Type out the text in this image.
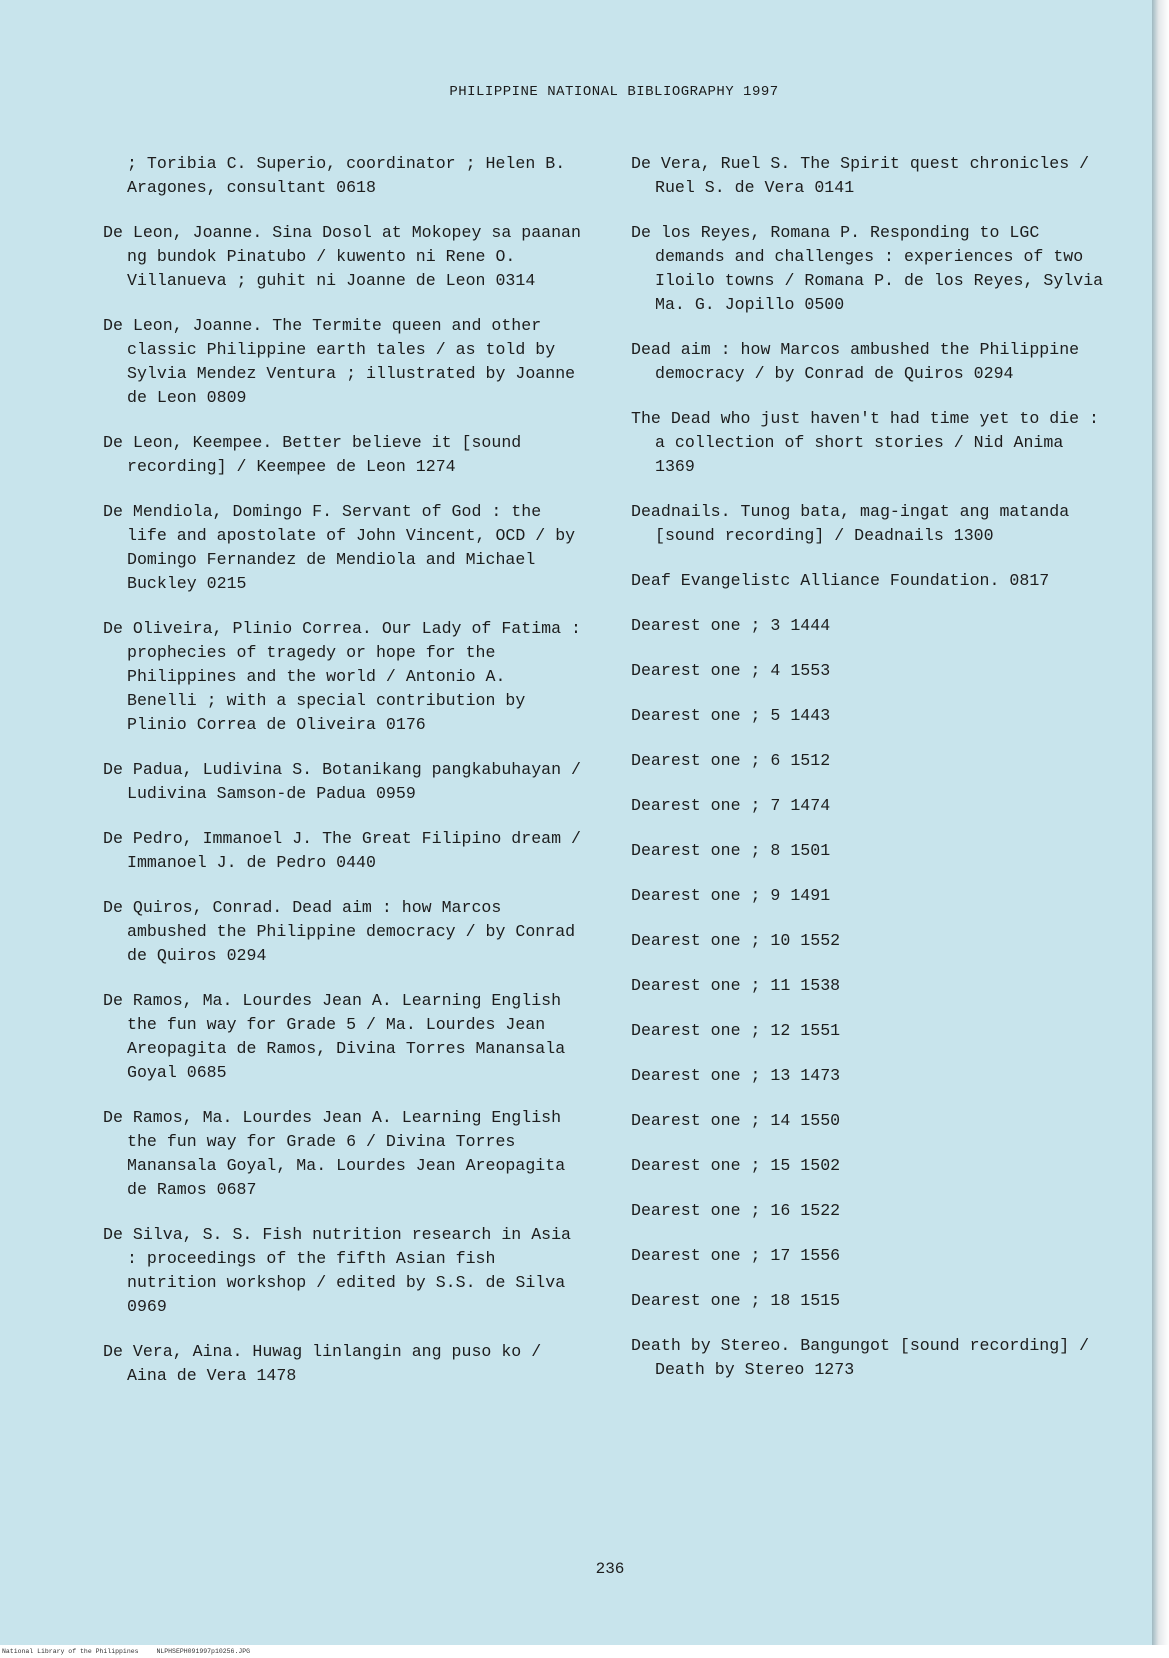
PHILIPPINE NATIONAL BIBLIOGRAPHY 1997

; Toribia C. Superio, coordinator ; Helen B. Aragones, consultant 0618

De Leon, Joanne. Sina Dosol at Mokopey sa paanan ng bundok Pinatubo / kuwento ni Rene O. Villanueva ; guhit ni Joanne de Leon 0314

De Leon, Joanne. The Termite queen and other classic Philippine earth tales / as told by Sylvia Mendez Ventura ; illustrated by Joanne de Leon 0809

De Leon, Keempee. Better believe it [sound recording] / Keempee de Leon 1274

De Mendiola, Domingo F. Servant of God : the life and apostolate of John Vincent, OCD / by Domingo Fernandez de Mendiola and Michael Buckley 0215

De Oliveira, Plinio Correa. Our Lady of Fatima : prophecies of tragedy or hope for the Philippines and the world / Antonio A. Benelli ; with a special contribution by Plinio Correa de Oliveira 0176

De Padua, Ludivina S. Botanikang pangkabuhayan / Ludivina Samson-de Padua 0959

De Pedro, Immanoel J. The Great Filipino dream / Immanoel J. de Pedro 0440

De Quiros, Conrad. Dead aim : how Marcos ambushed the Philippine democracy / by Conrad de Quiros 0294

De Ramos, Ma. Lourdes Jean A. Learning English the fun way for Grade 5 / Ma. Lourdes Jean Areopagita de Ramos, Divina Torres Manansala Goyal 0685

De Ramos, Ma. Lourdes Jean A. Learning English the fun way for Grade 6 / Divina Torres Manansala Goyal, Ma. Lourdes Jean Areopagita de Ramos 0687

De Silva, S. S. Fish nutrition research in Asia : proceedings of the fifth Asian fish nutrition workshop / edited by S.S. de Silva 0969

De Vera, Aina. Huwag linlangin ang puso ko / Aina de Vera 1478

De Vera, Ruel S. The Spirit quest chronicles / Ruel S. de Vera 0141

De los Reyes, Romana P. Responding to LGC demands and challenges : experiences of two Iloilo towns / Romana P. de los Reyes, Sylvia Ma. G. Jopillo 0500

Dead aim : how Marcos ambushed the Philippine democracy / by Conrad de Quiros 0294

The Dead who just haven't had time yet to die : a collection of short stories / Nid Anima 1369

Deadnails. Tunog bata, mag-ingat ang matanda [sound recording] / Deadnails 1300

Deaf Evangelistc Alliance Foundation. 0817

Dearest one ; 3 1444

Dearest one ; 4 1553

Dearest one ; 5 1443

Dearest one ; 6 1512

Dearest one ; 7 1474

Dearest one ; 8 1501

Dearest one ; 9 1491

Dearest one ; 10 1552

Dearest one ; 11 1538

Dearest one ; 12 1551

Dearest one ; 13 1473

Dearest one ; 14 1550

Dearest one ; 15 1502

Dearest one ; 16 1522

Dearest one ; 17 1556

Dearest one ; 18 1515

Death by Stereo. Bangungot [sound recording] / Death by Stereo 1273

236
National Library of the Philippines	NLPHSEPH091997p10256.JPG
